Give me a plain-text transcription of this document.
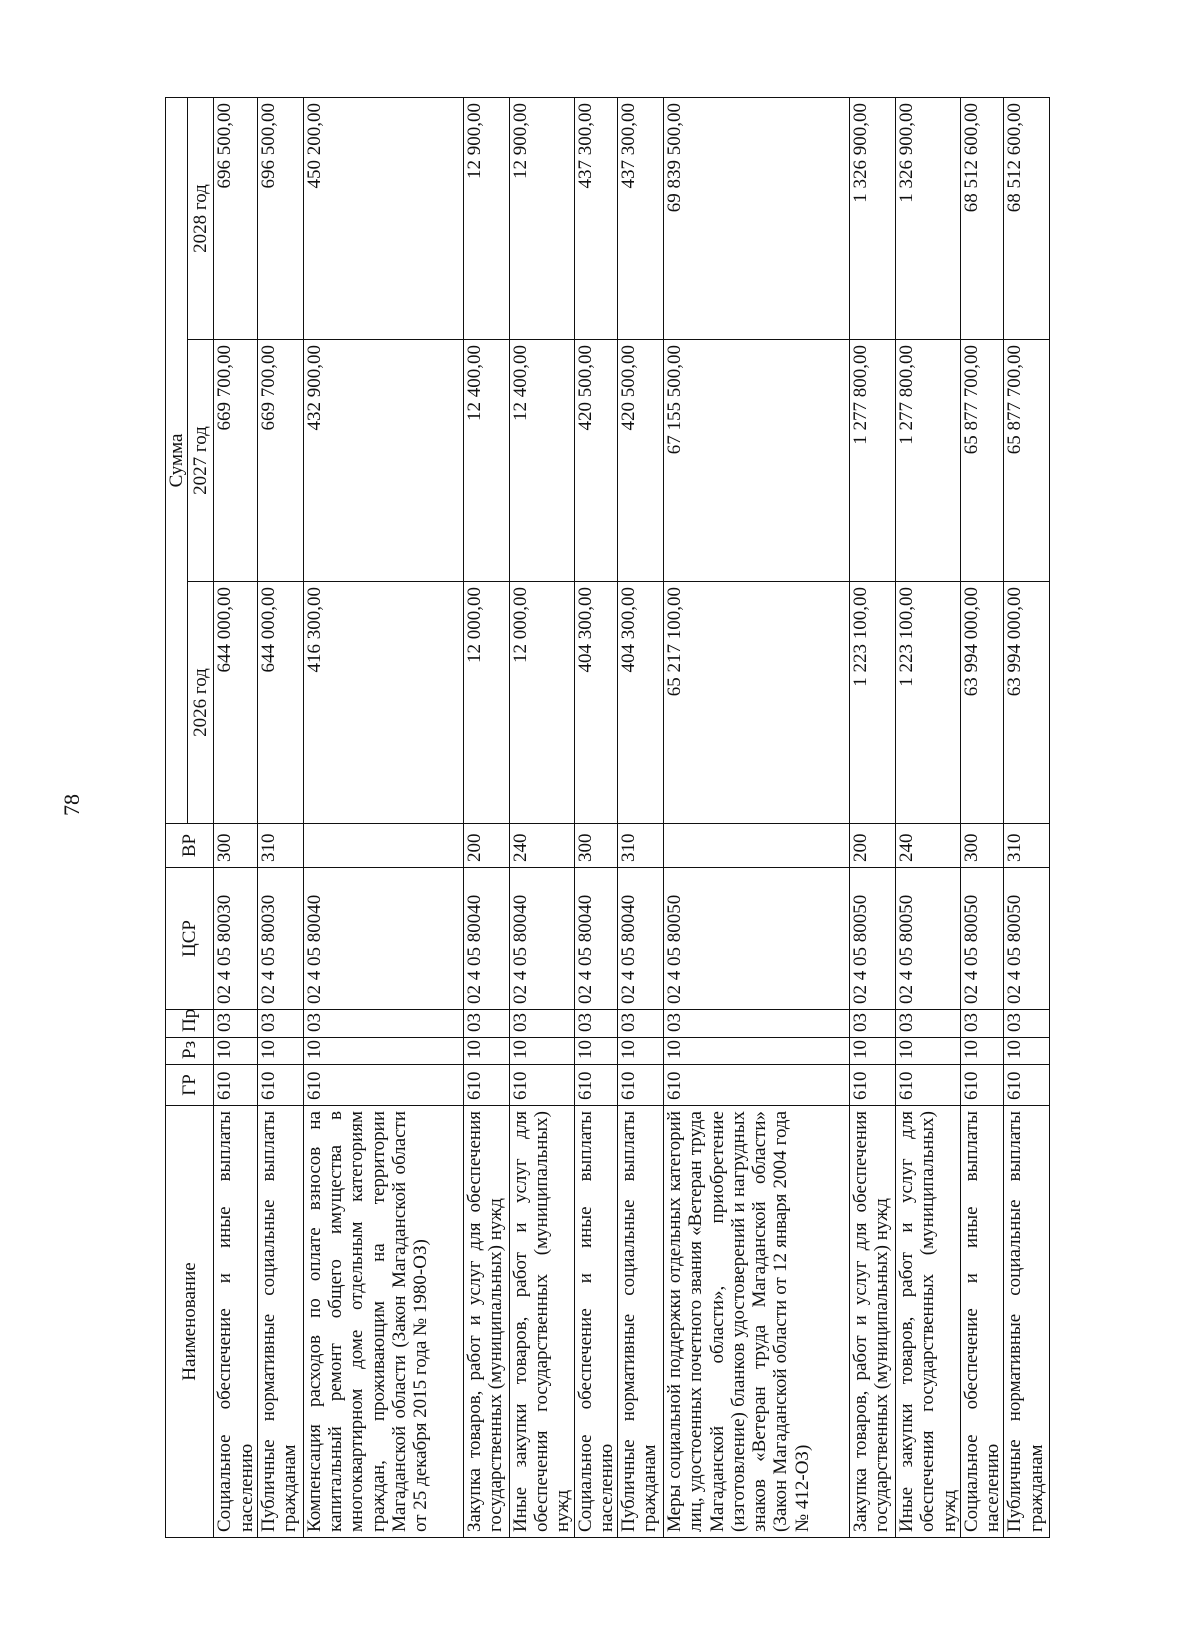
78
Наименование	ГР	Рз	Пр	ЦСР	ВР	Сумма		
						2026 год	2027 год	2028 год
Социальное обеспечение и иные выплаты населению	610	10	03	02 4 05 80030	300	644 000,00	669 700,00	696 500,00
Публичные нормативные социальные выплаты гражданам	610	10	03	02 4 05 80030	310	644 000,00	669 700,00	696 500,00
Компенсация расходов по оплате взносов на капитальный ремонт общего имущества в многоквартирном доме отдельным категориям граждан, проживающим на территории Магаданской области (Закон Магаданской области от 25 декабря 2015 года № 1980-ОЗ)	610	10	03	02 4 05 80040		416 300,00	432 900,00	450 200,00
Закупка товаров, работ и услуг для обеспечения государственных (муниципальных) нужд	610	10	03	02 4 05 80040	200	12 000,00	12 400,00	12 900,00
Иные закупки товаров, работ и услуг для обеспечения государственных (муниципальных) нужд	610	10	03	02 4 05 80040	240	12 000,00	12 400,00	12 900,00
Социальное обеспечение и иные выплаты населению	610	10	03	02 4 05 80040	300	404 300,00	420 500,00	437 300,00
Публичные нормативные социальные выплаты гражданам	610	10	03	02 4 05 80040	310	404 300,00	420 500,00	437 300,00
Меры социальной поддержки отдельных категорий лиц, удостоенных почетного звания «Ветеран труда Магаданской области», приобретение (изготовление) бланков удостоверений и нагрудных знаков «Ветеран труда Магаданской области» (Закон Магаданской области от 12 января 2004 года № 412-ОЗ)	610	10	03	02 4 05 80050		65 217 100,00	67 155 500,00	69 839 500,00
Закупка товаров, работ и услуг для обеспечения государственных (муниципальных) нужд	610	10	03	02 4 05 80050	200	1 223 100,00	1 277 800,00	1 326 900,00
Иные закупки товаров, работ и услуг для обеспечения государственных (муниципальных) нужд	610	10	03	02 4 05 80050	240	1 223 100,00	1 277 800,00	1 326 900,00
Социальное обеспечение и иные выплаты населению	610	10	03	02 4 05 80050	300	63 994 000,00	65 877 700,00	68 512 600,00
Публичные нормативные социальные выплаты гражданам	610	10	03	02 4 05 80050	310	63 994 000,00	65 877 700,00	68 512 600,00
